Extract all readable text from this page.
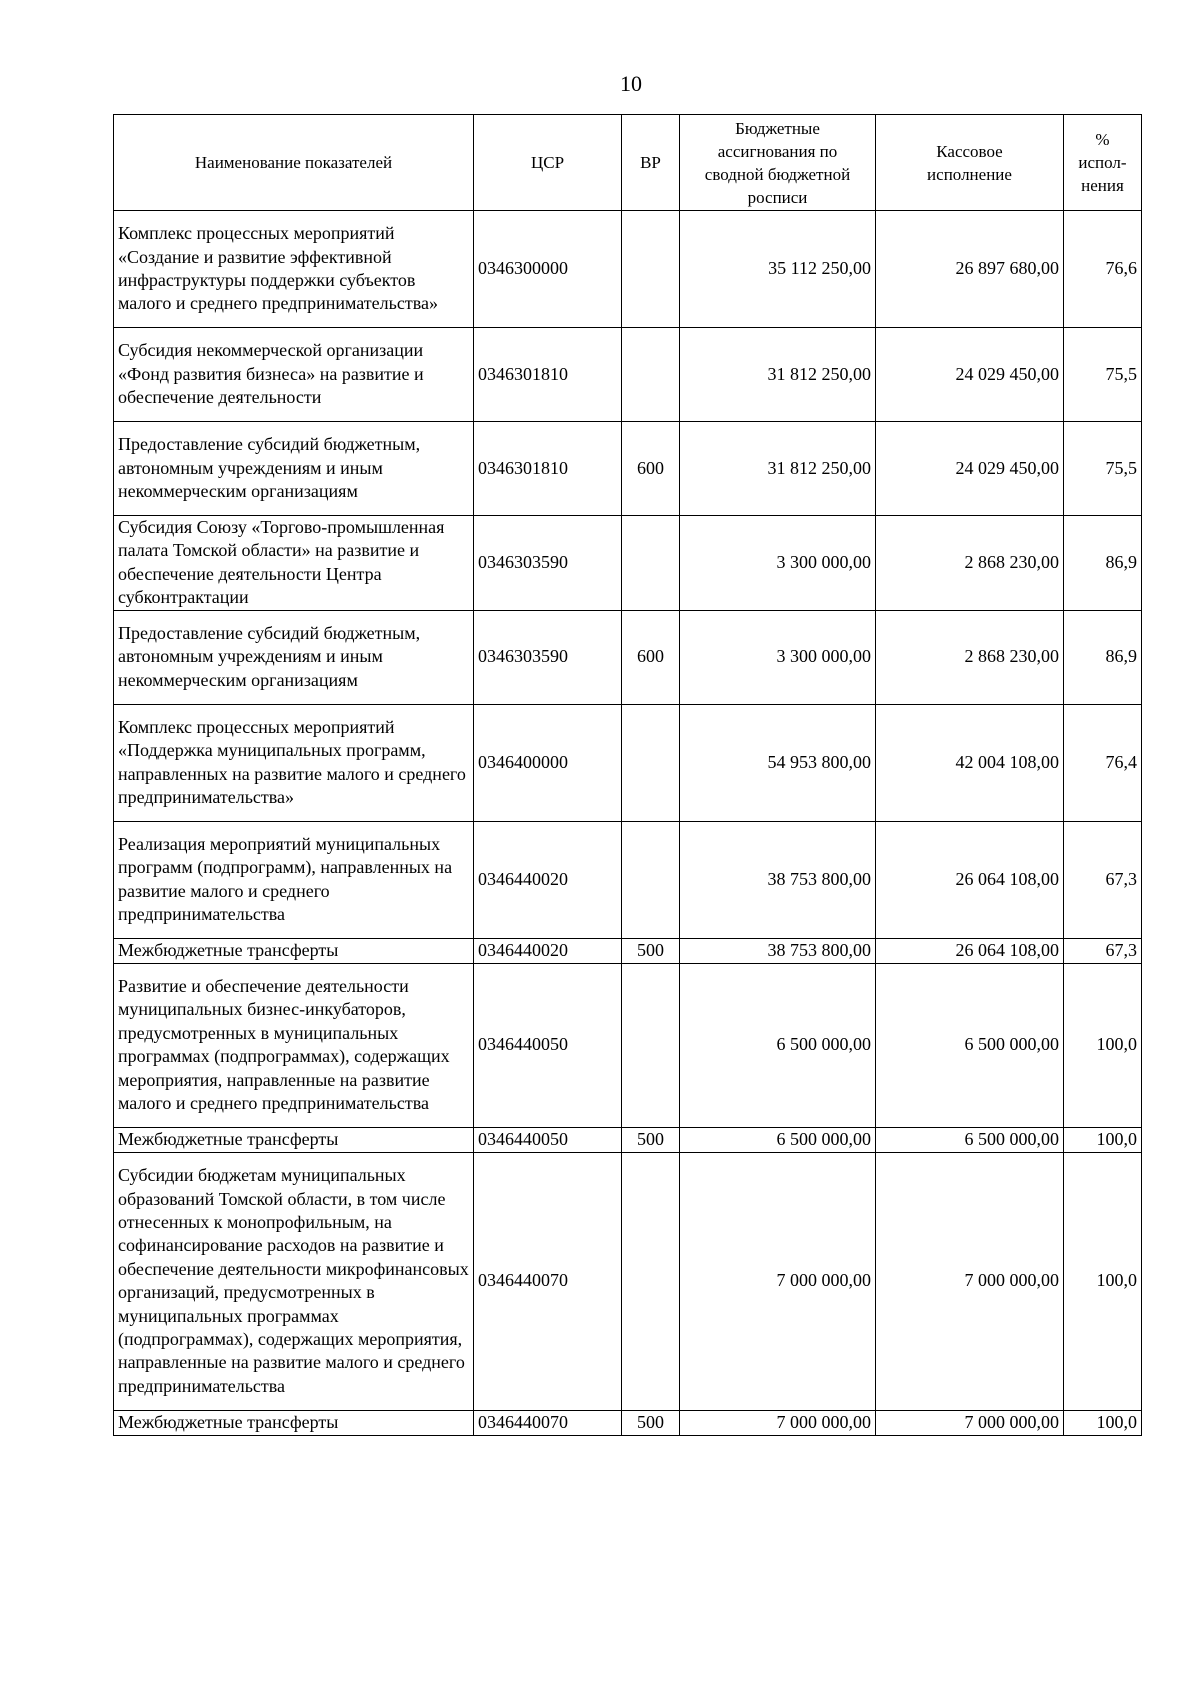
10
Наименование показателей	ЦСР	ВР	Бюджетные ассигнования по сводной бюджетной росписи	Кассовое исполнение	% испол-нения
Комплекс процессных мероприятий «Создание и развитие эффективной инфраструктуры поддержки субъектов малого и среднего предпринимательства»	0346300000		35 112 250,00	26 897 680,00	76,6
Субсидия некоммерческой организации «Фонд развития бизнеса» на развитие и обеспечение деятельности	0346301810		31 812 250,00	24 029 450,00	75,5
Предоставление субсидий бюджетным, автономным учреждениям и иным некоммерческим организациям	0346301810	600	31 812 250,00	24 029 450,00	75,5
Субсидия Союзу «Торгово-промышленная палата Томской области» на развитие и обеспечение деятельности Центра субконтрактации	0346303590		3 300 000,00	2 868 230,00	86,9
Предоставление субсидий бюджетным, автономным учреждениям и иным некоммерческим организациям	0346303590	600	3 300 000,00	2 868 230,00	86,9
Комплекс процессных мероприятий «Поддержка муниципальных программ, направленных на развитие малого и среднего предпринимательства»	0346400000		54 953 800,00	42 004 108,00	76,4
Реализация мероприятий муниципальных программ (подпрограмм), направленных на развитие малого и среднего предпринимательства	0346440020		38 753 800,00	26 064 108,00	67,3
Межбюджетные трансферты	0346440020	500	38 753 800,00	26 064 108,00	67,3
Развитие и обеспечение деятельности муниципальных бизнес-инкубаторов, предусмотренных в муниципальных программах (подпрограммах), содержащих мероприятия, направленные на развитие малого и среднего предпринимательства	0346440050		6 500 000,00	6 500 000,00	100,0
Межбюджетные трансферты	0346440050	500	6 500 000,00	6 500 000,00	100,0
Субсидии бюджетам муниципальных образований Томской области, в том числе отнесенных к монопрофильным, на софинансирование расходов на развитие и обеспечение деятельности микрофинансовых организаций, предусмотренных в муниципальных программах (подпрограммах), содержащих мероприятия, направленные на развитие малого и среднего предпринимательства	0346440070		7 000 000,00	7 000 000,00	100,0
Межбюджетные трансферты	0346440070	500	7 000 000,00	7 000 000,00	100,0
